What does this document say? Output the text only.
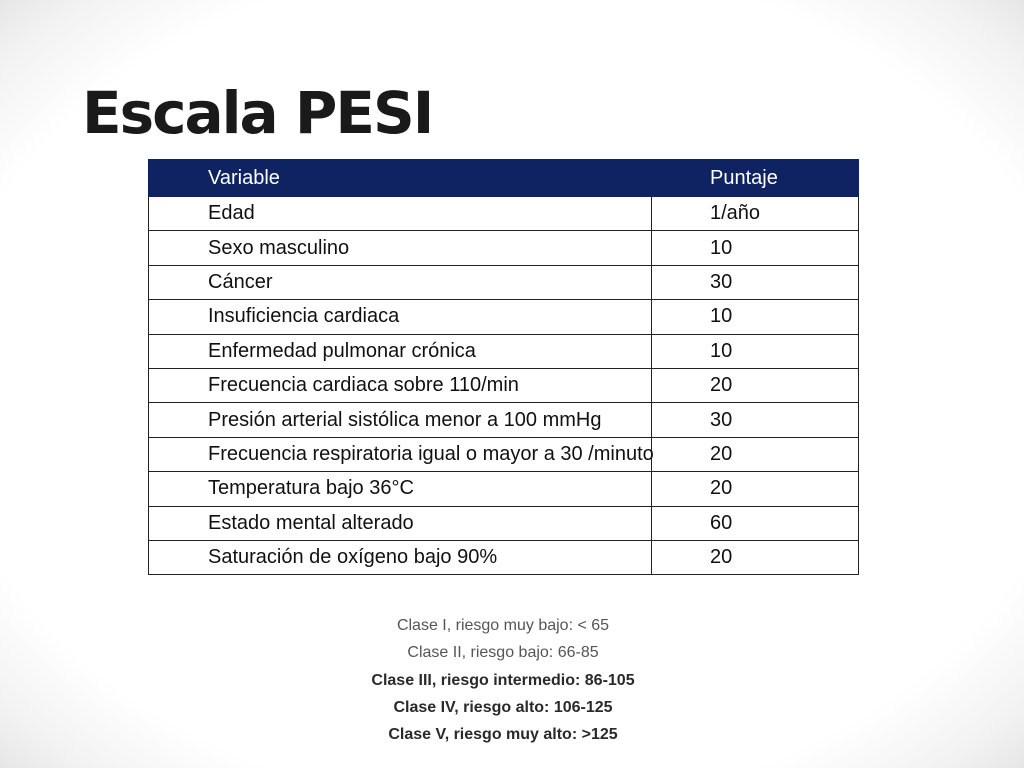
Escala PESI
Variable	Puntaje
Edad	1/año
Sexo masculino	10
Cáncer	30
Insuficiencia cardiaca	10
Enfermedad pulmonar crónica	10
Frecuencia cardiaca sobre 110/min	20
Presión arterial sistólica menor a 100 mmHg	30
Frecuencia respiratoria igual o mayor a 30 /minuto	20
Temperatura bajo 36°C	20
Estado mental alterado	60
Saturación de oxígeno bajo 90%	20
Clase I, riesgo muy bajo: < 65
Clase II, riesgo bajo: 66-85
Clase III, riesgo intermedio: 86-105
Clase IV, riesgo alto: 106-125
Clase V, riesgo muy alto: >125
